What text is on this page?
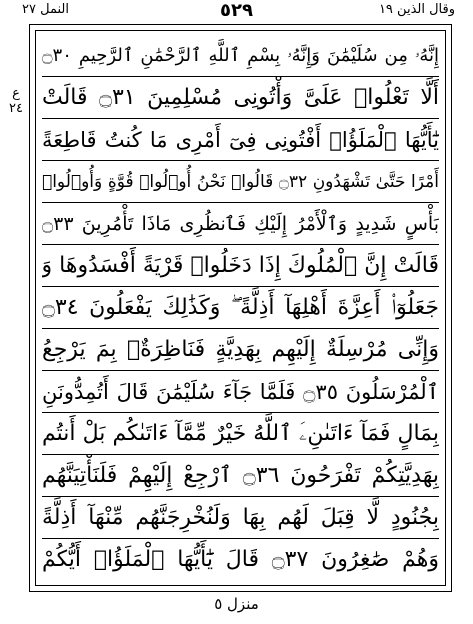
النمل ٢٧	٥٢٩	وقال الذين ١٩
ع ٢٤
إِنَّهُۥ مِن سُلَيْمَٰنَ وَإِنَّهُۥ بِسْمِ ٱللَّهِ ٱلرَّحْمَٰنِ ٱلرَّحِيمِ ۝٣٠
أَلَّا تَعْلُوا۟ عَلَىَّ وَأْتُونِى مُسْلِمِينَ ۝٣١ قَالَتْ
يَٰٓأَيُّهَا ٱلْمَلَؤُا۟ أَفْتُونِى فِىٓ أَمْرِى مَا كُنتُ قَاطِعَةً
أَمْرًا حَتَّىٰ تَشْهَدُونِ ۝٣٢ قَالُوا۟ نَحْنُ أُو۟لُوا۟ قُوَّةٍ وَأُو۟لُوا۟
بَأْسٍ شَدِيدٍ وَٱلْأَمْرُ إِلَيْكِ فَٱنظُرِى مَاذَا تَأْمُرِينَ ۝٣٣
قَالَتْ إِنَّ ٱلْمُلُوكَ إِذَا دَخَلُوا۟ قَرْيَةً أَفْسَدُوهَا وَ
جَعَلُوٓا۟ أَعِزَّةَ أَهْلِهَآ أَذِلَّةً ۖ وَكَذَٰلِكَ يَفْعَلُونَ ۝٣٤
وَإِنِّى مُرْسِلَةٌ إِلَيْهِم بِهَدِيَّةٍ فَنَاظِرَةٌۢ بِمَ يَرْجِعُ
ٱلْمُرْسَلُونَ ۝٣٥ فَلَمَّا جَآءَ سُلَيْمَٰنَ قَالَ أَتُمِدُّونَنِ
بِمَالٍ فَمَآ ءَاتَىٰنِۦَ ٱللَّهُ خَيْرٌ مِّمَّآ ءَاتَىٰكُم بَلْ أَنتُم
بِهَدِيَّتِكُمْ تَفْرَحُونَ ۝٣٦ ٱرْجِعْ إِلَيْهِمْ فَلَنَأْتِيَنَّهُم
بِجُنُودٍ لَّا قِبَلَ لَهُم بِهَا وَلَنُخْرِجَنَّهُم مِّنْهَآ أَذِلَّةً
وَهُمْ صَٰغِرُونَ ۝٣٧ قَالَ يَٰٓأَيُّهَا ٱلْمَلَؤُا۟ أَيُّكُمْ
منزل ٥
